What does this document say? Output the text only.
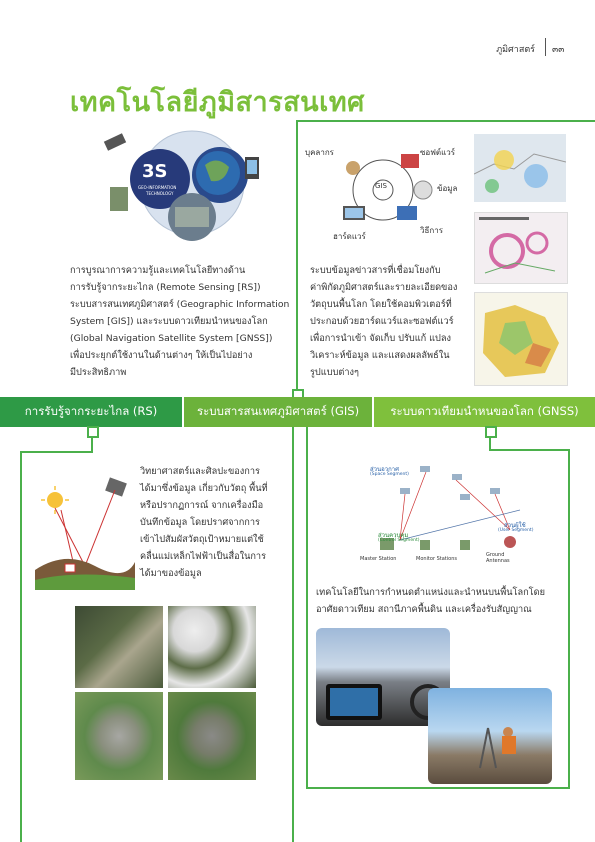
ภูมิศาสตร์ ๓๓
เทคโนโลยีภูมิสารสนเทศ
3S
GEO-INFORMATION
TECHNOLOGY
การบูรณาการความรู้และเทคโนโลยีทางด้าน
การรับรู้จากระยะไกล (Remote Sensing [RS])
ระบบสารสนเทศภูมิศาสตร์ (Geographic Information
System [GIS]) และระบบดาวเทียมนำหนของโลก
(Global Navigation Satellite System [GNSS])
เพื่อประยุกต์ใช้งานในด้านต่างๆ ให้เป็นไปอย่าง
มีประสิทธิภาพ
GIS
บุคลากร	ซอฟต์แวร์
ข้อมูล
วิธีการ
ฮาร์ดแวร์
ระบบข้อมูลข่าวสารที่เชื่อมโยงกับ
ค่าพิกัดภูมิศาสตร์และรายละเอียดของ
วัตถุบนพื้นโลก โดยใช้คอมพิวเตอร์ที่
ประกอบด้วยฮาร์ดแวร์และซอฟต์แวร์
เพื่อการนำเข้า จัดเก็บ ปรับแก้ แปลง
วิเคราะห์ข้อมูล และแสดงผลลัพธ์ใน
รูปแบบต่างๆ
การรับรู้จากระยะไกล (RS)	ระบบสารสนเทศภูมิศาสตร์ (GIS)	ระบบดาวเทียมนำหนของโลก (GNSS)
วิทยาศาสตร์และศิลปะของการ
ได้มาซึ่งข้อมูล เกี่ยวกับวัตถุ พื้นที่
หรือปรากฏการณ์ จากเครื่องมือ
บันทึกข้อมูล โดยปราศจากการ
เข้าไปสัมผัสวัตถุเป้าหมายแต่ใช้
คลื่นแม่เหล็กไฟฟ้าเป็นสื่อในการ
ได้มาของข้อมูล
ส่วนอวกาศ
(Space Segment)
ส่วนควบคุม
(Control Segment)
ส่วนผู้ใช้
(User Segment)
Master Station	Monitor Stations
Ground Antennas
เทคโนโลยีในการกำหนดตำแหน่งและนำหนบนพื้นโลกโดย
อาศัยดาวเทียม สถานีภาคพื้นดิน และเครื่องรับสัญญาณ
